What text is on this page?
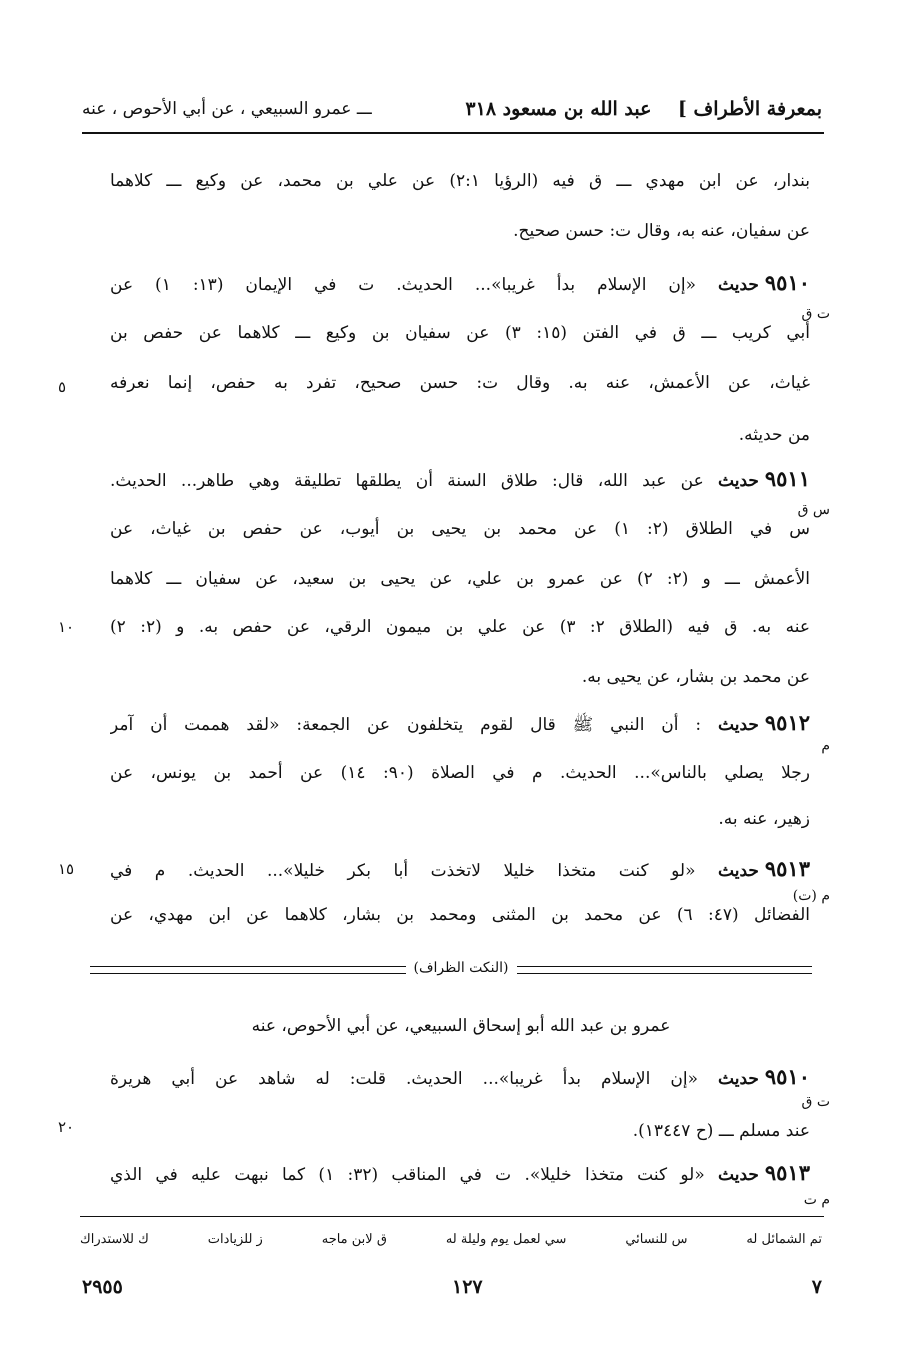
بمعرفة الأطراف ]    عبد الله بن مسعود ٣١٨
ـــ عمرو السبيعي ، عن أبي الأحوص ، عنه
بندار، عن ابن مهدي ـــ ق فيه (الرؤيا ٢:١) عن علي بن محمد، عن وكيع ـــ كلاهما
عن سفيان، عنه به، وقال ت: حسن صحيح.
٩٥١٠حديث «إن الإسلام بدأ غريبا»... الحديث. ت في الإيمان (١٣: ١) عن
أبي كريب ـــ ق في الفتن (١٥: ٣) عن سفيان بن وكيع ـــ كلاهما عن حفص بن
غياث، عن الأعمش، عنه به. وقال ت: حسن صحيح، تفرد به حفص، إنما نعرفه
من حديثه.
٩٥١١حديث عن عبد الله، قال: طلاق السنة أن يطلقها تطليقة وهي طاهر... الحديث.
س في الطلاق (٢: ١) عن محمد بن يحيى بن أيوب، عن حفص بن غياث، عن
الأعمش ـــ و (٢: ٢) عن عمرو بن علي، عن يحيى بن سعيد، عن سفيان ـــ كلاهما
عنه به. ق فيه (الطلاق ٢: ٣) عن علي بن ميمون الرقي، عن حفص به. و (٢: ٢)
عن محمد بن بشار، عن يحيى به.
٩٥١٢حديث : أن النبي ﷺ قال لقوم يتخلفون عن الجمعة: «لقد هممت أن آمر
رجلا يصلي بالناس»... الحديث. م في الصلاة (٩٠: ١٤) عن أحمد بن يونس، عن
زهير، عنه به.
٩٥١٣حديث «لو كنت متخذا خليلا لاتخذت أبا بكر خليلا»... الحديث. م في
الفضائل (٤٧: ٦) عن محمد بن المثنى ومحمد بن بشار، كلاهما عن ابن مهدي، عن
ت ق
س ق
م
م (ت)
٥
١٠
١٥
٢٠
(النكت الظراف)
عمرو بن عبد الله أبو إسحاق السبيعي، عن أبي الأحوص، عنه
٩٥١٠حديث «إن الإسلام بدأ غريبا»... الحديث. قلت: له شاهد عن أبي هريرة
عند مسلم ـــ (ح ١٣٤٤٧).
٩٥١٣حديث «لو كنت متخذا خليلا». ت في المناقب (٣٢: ١) كما نبهت عليه في الذي
ت ق
م ت
تم الشمائل له
س للنسائي
سي لعمل يوم وليلة له
ق لابن ماجه
ز للزيادات
ك للاستدراك
٧
١٢٧
٢٩٥٥
